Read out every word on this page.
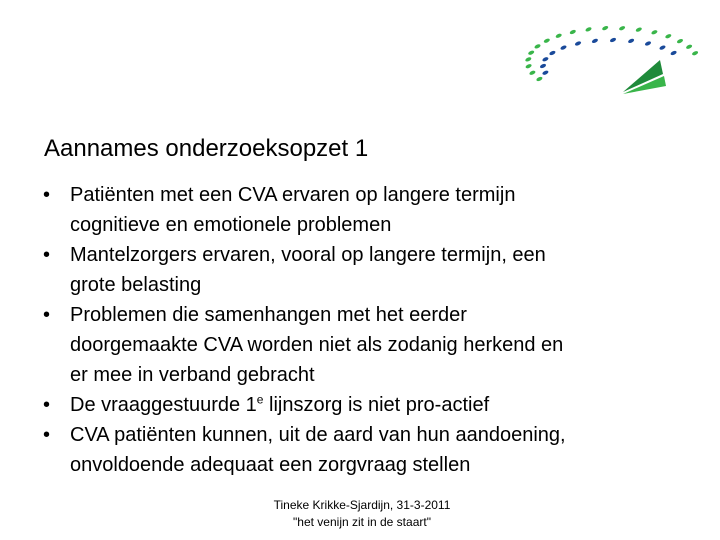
Aannames onderzoeksopzet 1
• Patiënten met een CVA ervaren op langere termijn
cognitieve en emotionele problemen
• Mantelzorgers ervaren, vooral op langere termijn, een
grote belasting
• Problemen die samenhangen met het eerder
doorgemaakte CVA worden niet als zodanig herkend en
er mee in verband gebracht
• De vraaggestuurde 1e lijnszorg is niet pro-actief
• CVA patiënten kunnen, uit de aard van hun aandoening,
onvoldoende adequaat een zorgvraag stellen
Tineke Krikke-Sjardijn, 31-3-2011
"het venijn zit in de staart"
